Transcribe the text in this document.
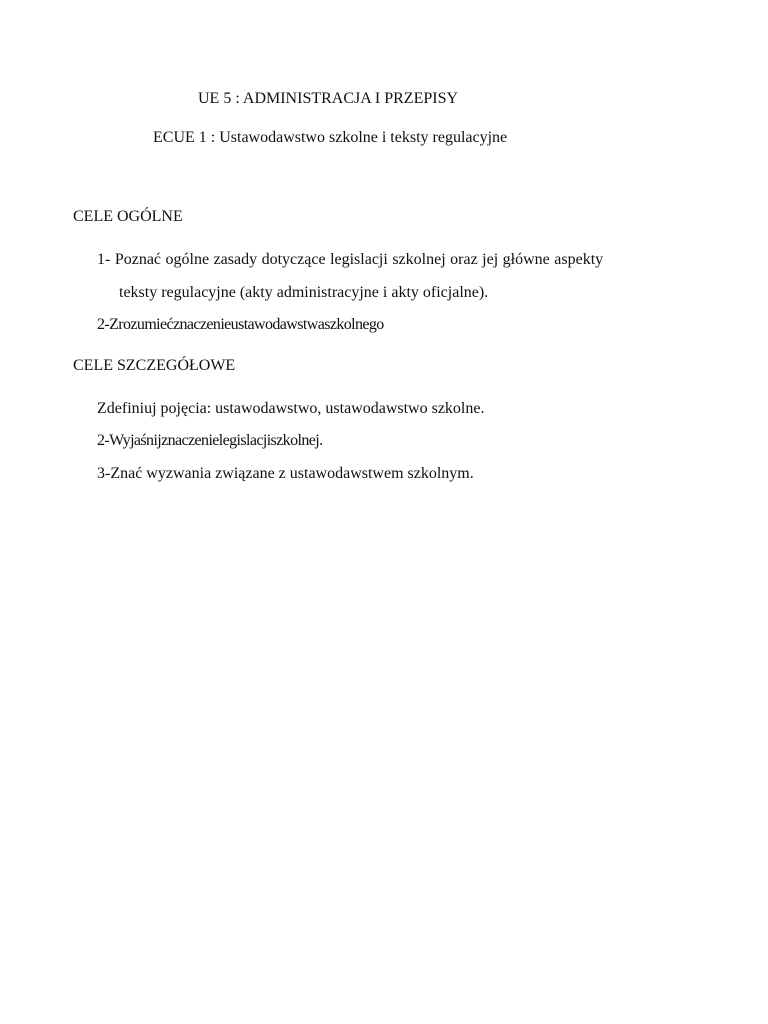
UE 5 : ADMINISTRACJA I PRZEPISY
ECUE 1 : Ustawodawstwo szkolne i teksty regulacyjne
CELE OGÓLNE
1- Poznać ogólne zasady dotyczące legislacji szkolnej oraz jej główne aspekty
teksty regulacyjne (akty administracyjne i akty oficjalne).
2-Zrozumiećznaczenieustawodawstwaszkolnego
CELE SZCZEGÓŁOWE
Zdefiniuj pojęcia: ustawodawstwo, ustawodawstwo szkolne.
2-Wyjaśnijznaczenielegislacjiszkolnej.
3-Znać wyzwania związane z ustawodawstwem szkolnym.
